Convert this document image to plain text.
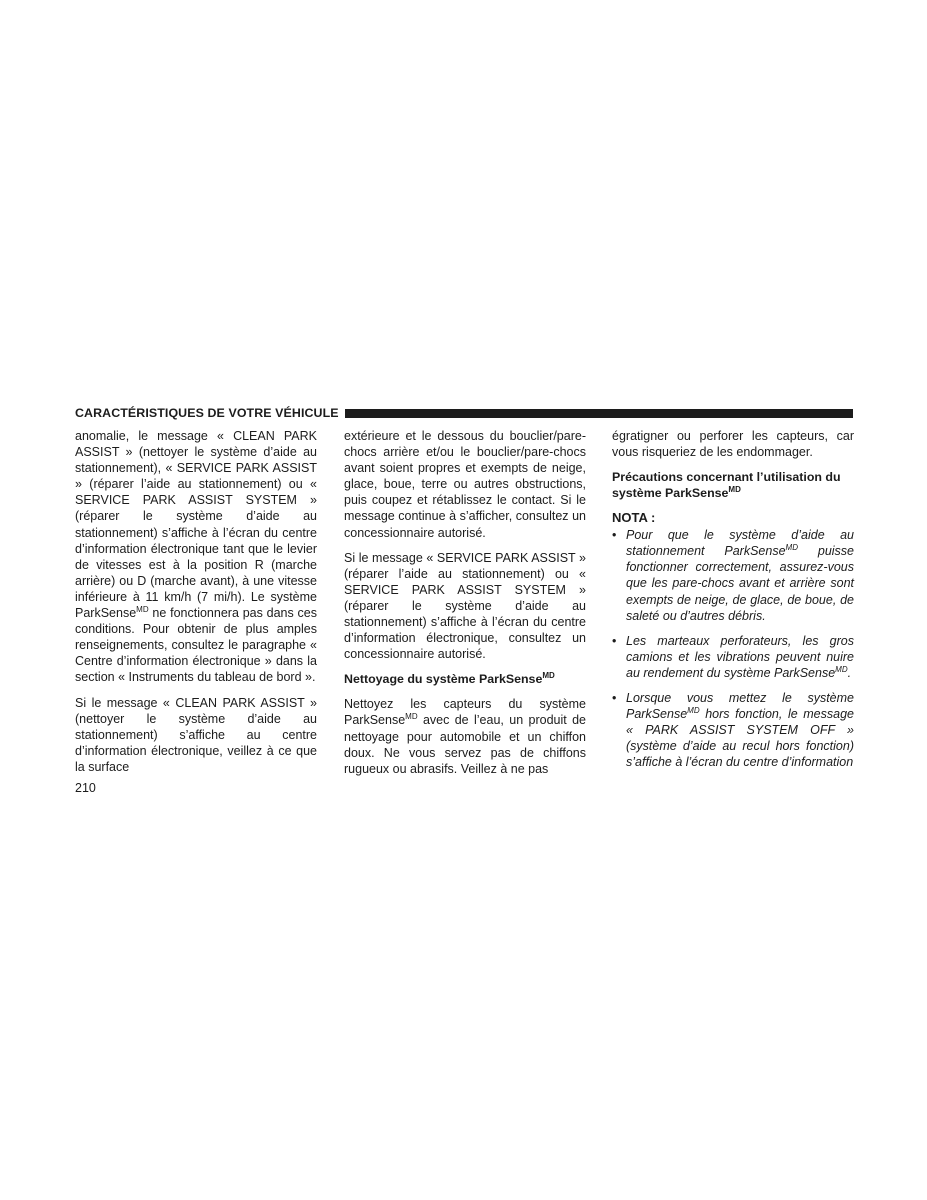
CARACTÉRISTIQUES DE VOTRE VÉHICULE

anomalie, le message « CLEAN PARK ASSIST » (nettoyer le système d’aide au stationnement), « SERVICE PARK ASSIST » (réparer l’aide au stationnement) ou « SERVICE PARK ASSIST SYSTEM » (réparer le système d’aide au stationnement) s’affiche à l’écran du centre d’information électronique tant que le levier de vitesses est à la position R (marche arrière) ou D (marche avant), à une vitesse inférieure à 11 km/h (7 mi/h). Le système ParkSense$^{MD}$ ne fonctionnera pas dans ces conditions. Pour obtenir de plus amples renseignements, consultez le paragraphe « Centre d’information électronique » dans la section « Instruments du tableau de bord ».

Si le message « CLEAN PARK ASSIST » (nettoyer le système d’aide au stationnement) s’affiche au centre d’information électronique, veillez à ce que la surface

extérieure et le dessous du bouclier/pare-chocs arrière et/ou le bouclier/pare-chocs avant soient propres et exempts de neige, glace, boue, terre ou autres obstructions, puis coupez et rétablissez le contact. Si le message continue à s’afficher, consultez un concessionnaire autorisé.

Si le message « SERVICE PARK ASSIST » (réparer l’aide au stationnement) ou « SERVICE PARK ASSIST SYSTEM » (réparer le système d’aide au stationnement) s’affiche à l’écran du centre d’information électronique, consultez un concessionnaire autorisé.

Nettoyage du système ParkSense$^{MD}$

Nettoyez les capteurs du système ParkSense$^{MD}$ avec de l’eau, un produit de nettoyage pour automobile et un chiffon doux. Ne vous servez pas de chiffons rugueux ou abrasifs. Veillez à ne pas

égratigner ou perforer les capteurs, car vous risqueriez de les endommager.

Précautions concernant l’utilisation du système ParkSense$^{MD}$
NOTA :
• Pour que le système d’aide au stationnement ParkSense$^{MD}$ puisse fonctionner correctement, assurez-vous que les pare-chocs avant et arrière sont exempts de neige, de glace, de boue, de saleté ou d’autres débris.
• Les marteaux perforateurs, les gros camions et les vibrations peuvent nuire au rendement du système ParkSense$^{MD}$.
• Lorsque vous mettez le système ParkSense$^{MD}$ hors fonction, le message « PARK ASSIST SYSTEM OFF » (système d’aide au recul hors fonction) s’affiche à l’écran du centre d’information
210
